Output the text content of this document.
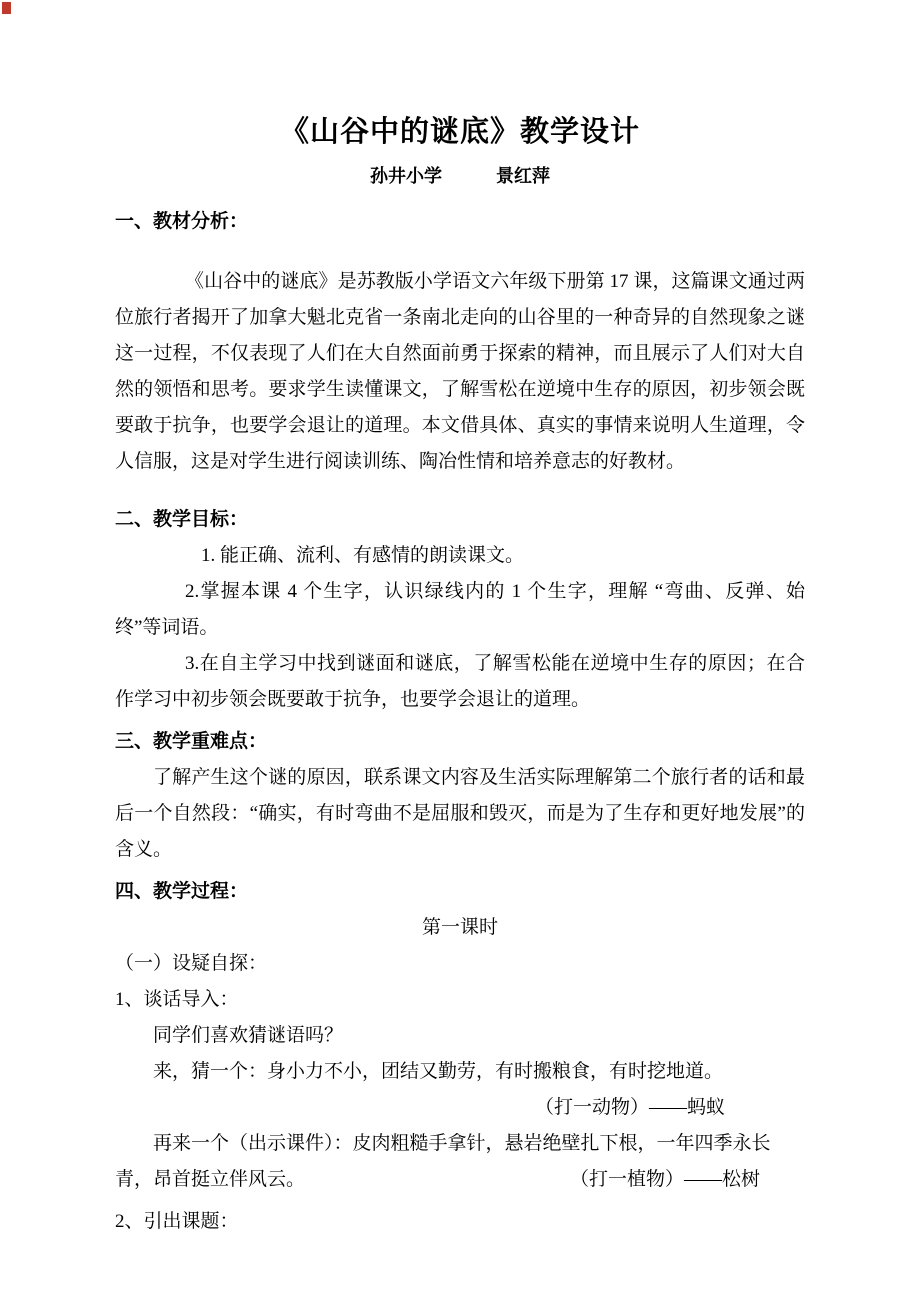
《山谷中的谜底》教学设计
孙井小学　　　景红萍
一、教材分析：

《山谷中的谜底》是苏教版小学语文六年级下册第 17 课，这篇课文通过两位旅行者揭开了加拿大魁北克省一条南北走向的山谷里的一种奇异的自然现象之谜这一过程，不仅表现了人们在大自然面前勇于探索的精神，而且展示了人们对大自然的领悟和思考。要求学生读懂课文，了解雪松在逆境中生存的原因，初步领会既要敢于抗争，也要学会退让的道理。本文借具体、真实的事情来说明人生道理，令人信服，这是对学生进行阅读训练、陶冶性情和培养意志的好教材。

二、教学目标：

1. 能正确、流利、有感情的朗读课文。

2.掌握本课 4 个生字，认识绿线内的 1 个生字，理解 “弯曲、反弹、始终”等词语。

3.在自主学习中找到谜面和谜底，了解雪松能在逆境中生存的原因；在合作学习中初步领会既要敢于抗争，也要学会退让的道理。

三、教学重难点：

了解产生这个谜的原因，联系课文内容及生活实际理解第二个旅行者的话和最后一个自然段：“确实，有时弯曲不是屈服和毁灭，而是为了生存和更好地发展”的含义。

四、教学过程：
第一课时

（一）设疑自探：

1、谈话导入：

同学们喜欢猜谜语吗？

来，猜一个：身小力不小，团结又勤劳，有时搬粮食，有时挖地道。

（打一动物）——蚂蚁

再来一个（出示课件）：皮肉粗糙手拿针，悬岩绝壁扎下根，一年四季永长

青，昂首挺立伴风云。	（打一植物）——松树

2、引出课题：
